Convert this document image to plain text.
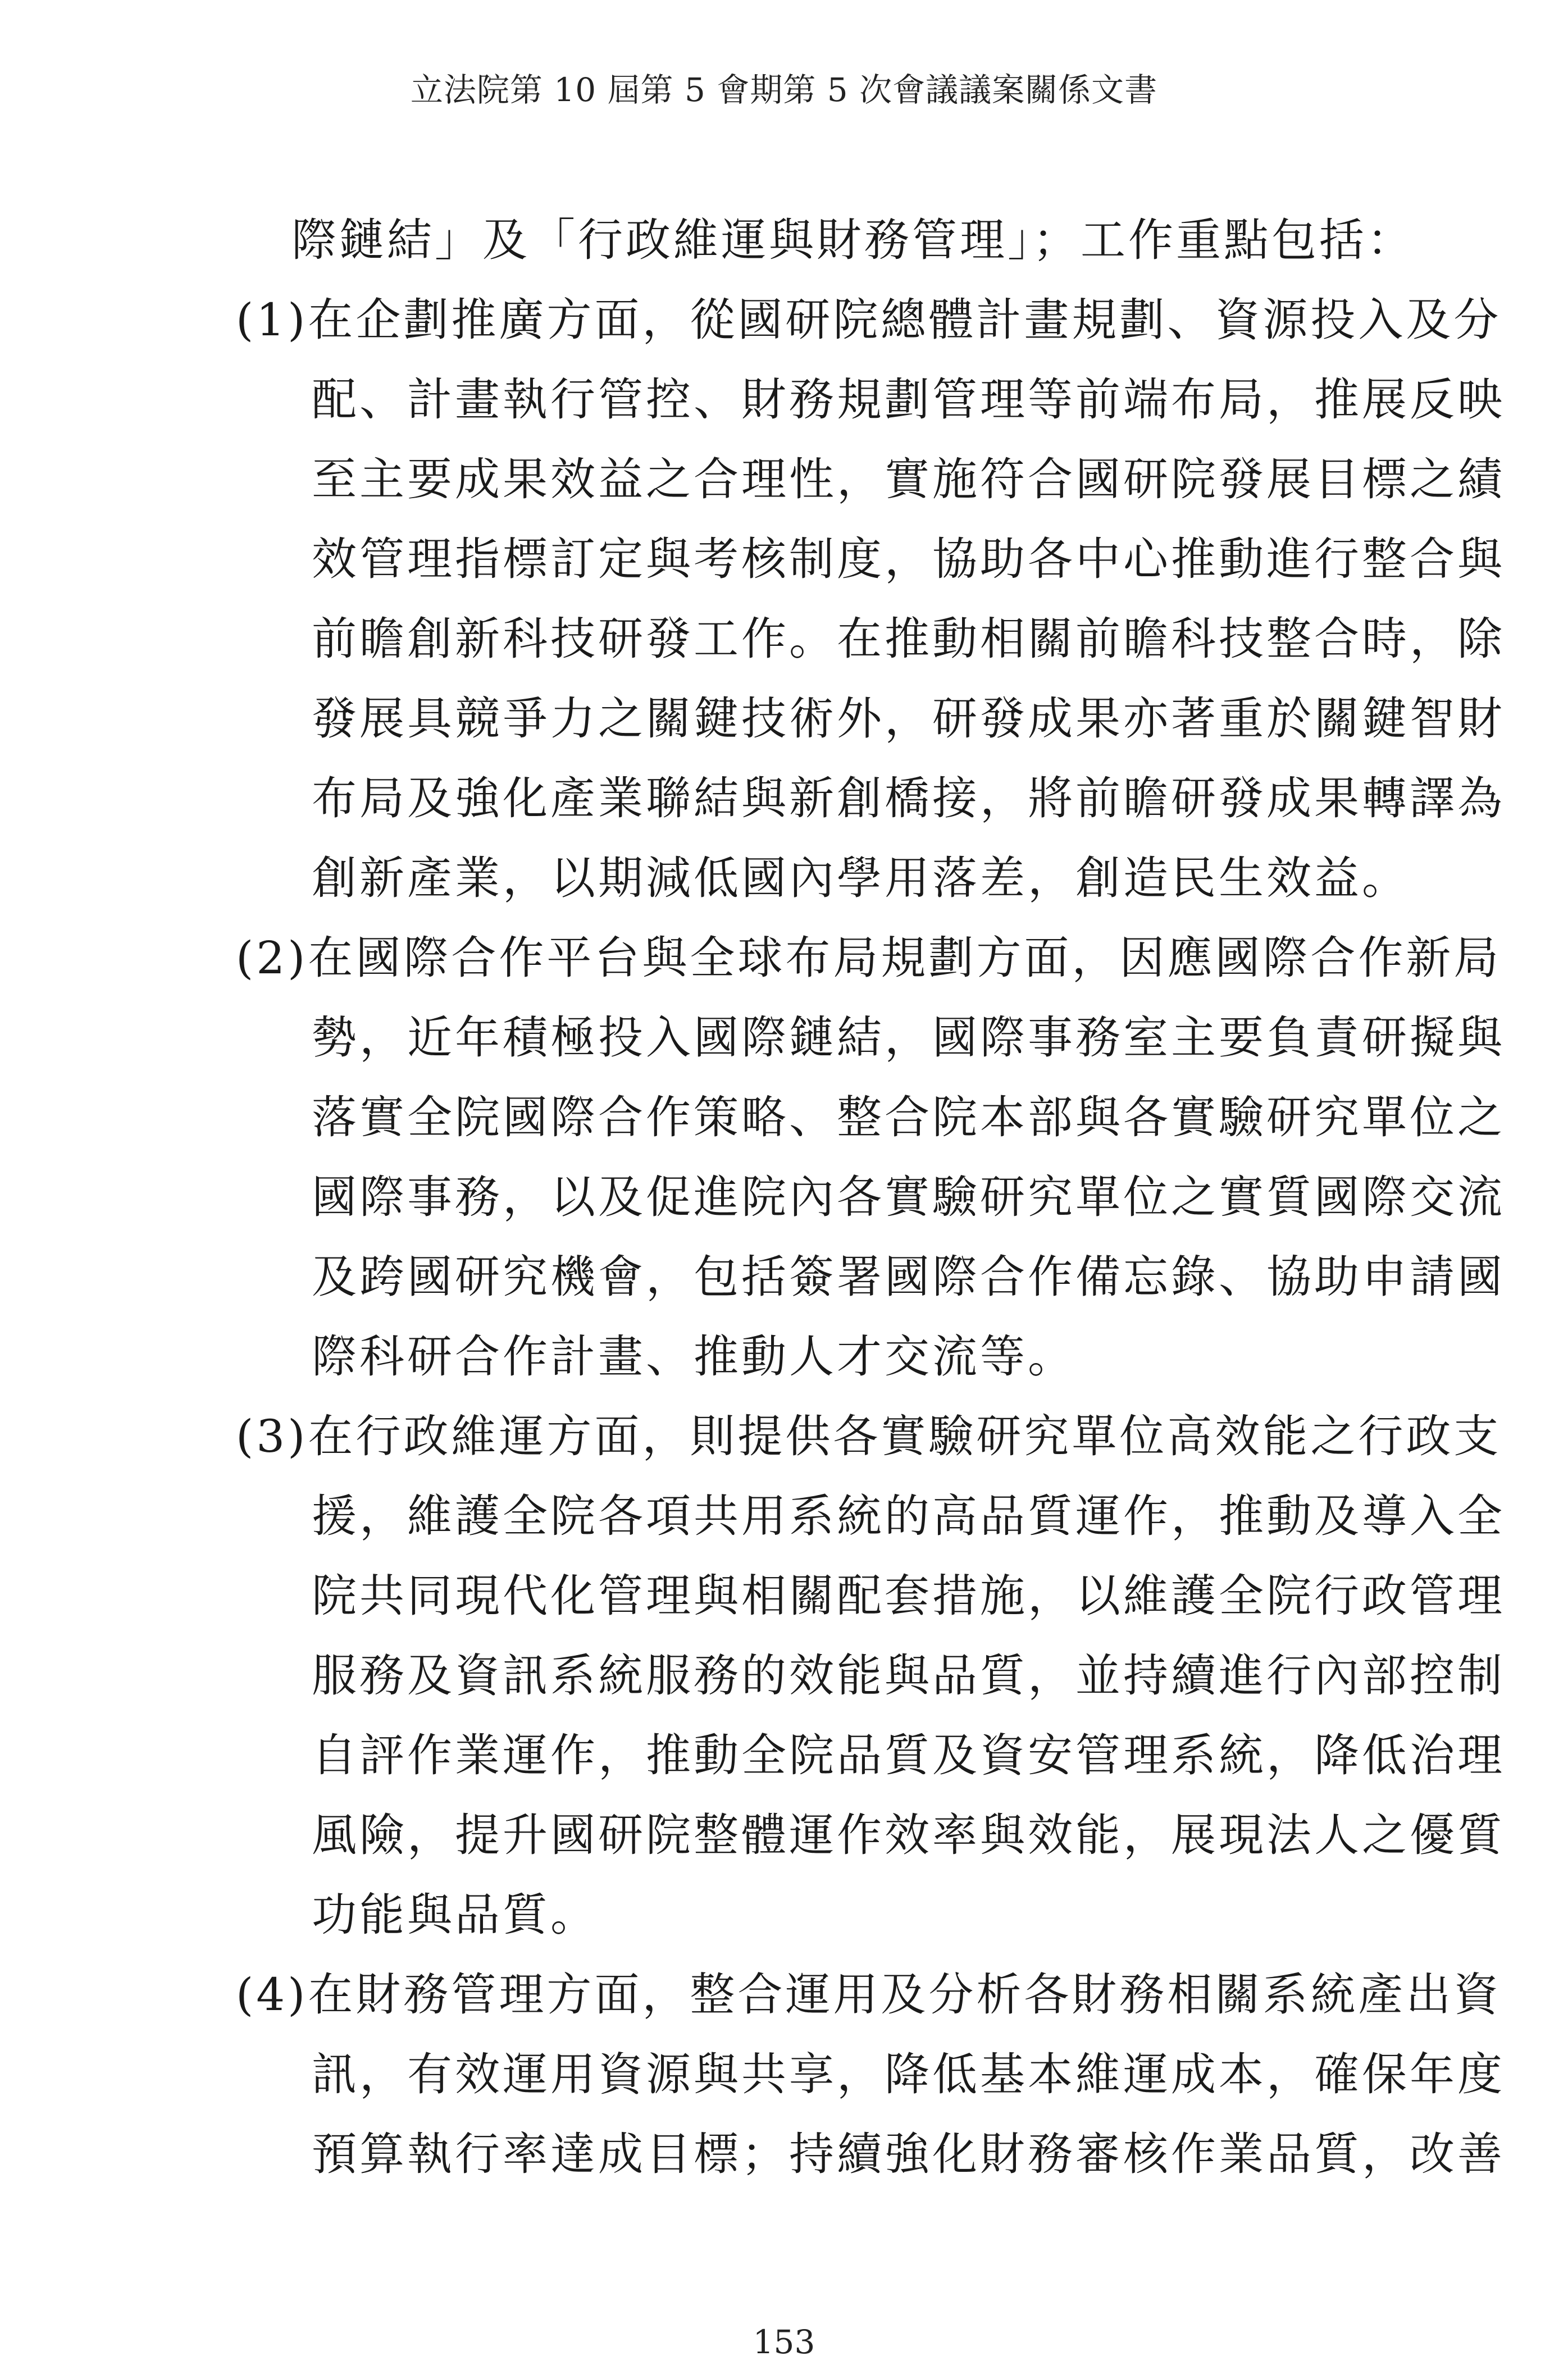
立法院第 10 屆第 5 會期第 5 次會議議案關係文書
際鏈結」及「行政維運與財務管理」；工作重點包括：
(1)在企劃推廣方面，從國研院總體計畫規劃、資源投入及分
配、計畫執行管控、財務規劃管理等前端布局，推展反映
至主要成果效益之合理性，實施符合國研院發展目標之績
效管理指標訂定與考核制度，協助各中心推動進行整合與
前瞻創新科技研發工作。在推動相關前瞻科技整合時，除
發展具競爭力之關鍵技術外，研發成果亦著重於關鍵智財
布局及強化產業聯結與新創橋接，將前瞻研發成果轉譯為
創新產業，以期減低國內學用落差，創造民生效益。
(2)在國際合作平台與全球布局規劃方面，因應國際合作新局
勢，近年積極投入國際鏈結，國際事務室主要負責研擬與
落實全院國際合作策略、整合院本部與各實驗研究單位之
國際事務，以及促進院內各實驗研究單位之實質國際交流
及跨國研究機會，包括簽署國際合作備忘錄、協助申請國
際科研合作計畫、推動人才交流等。
(3)在行政維運方面，則提供各實驗研究單位高效能之行政支
援，維護全院各項共用系統的高品質運作，推動及導入全
院共同現代化管理與相關配套措施，以維護全院行政管理
服務及資訊系統服務的效能與品質，並持續進行內部控制
自評作業運作，推動全院品質及資安管理系統，降低治理
風險，提升國研院整體運作效率與效能，展現法人之優質
功能與品質。
(4)在財務管理方面，整合運用及分析各財務相關系統產出資
訊，有效運用資源與共享，降低基本維運成本，確保年度
預算執行率達成目標；持續強化財務審核作業品質，改善
153
